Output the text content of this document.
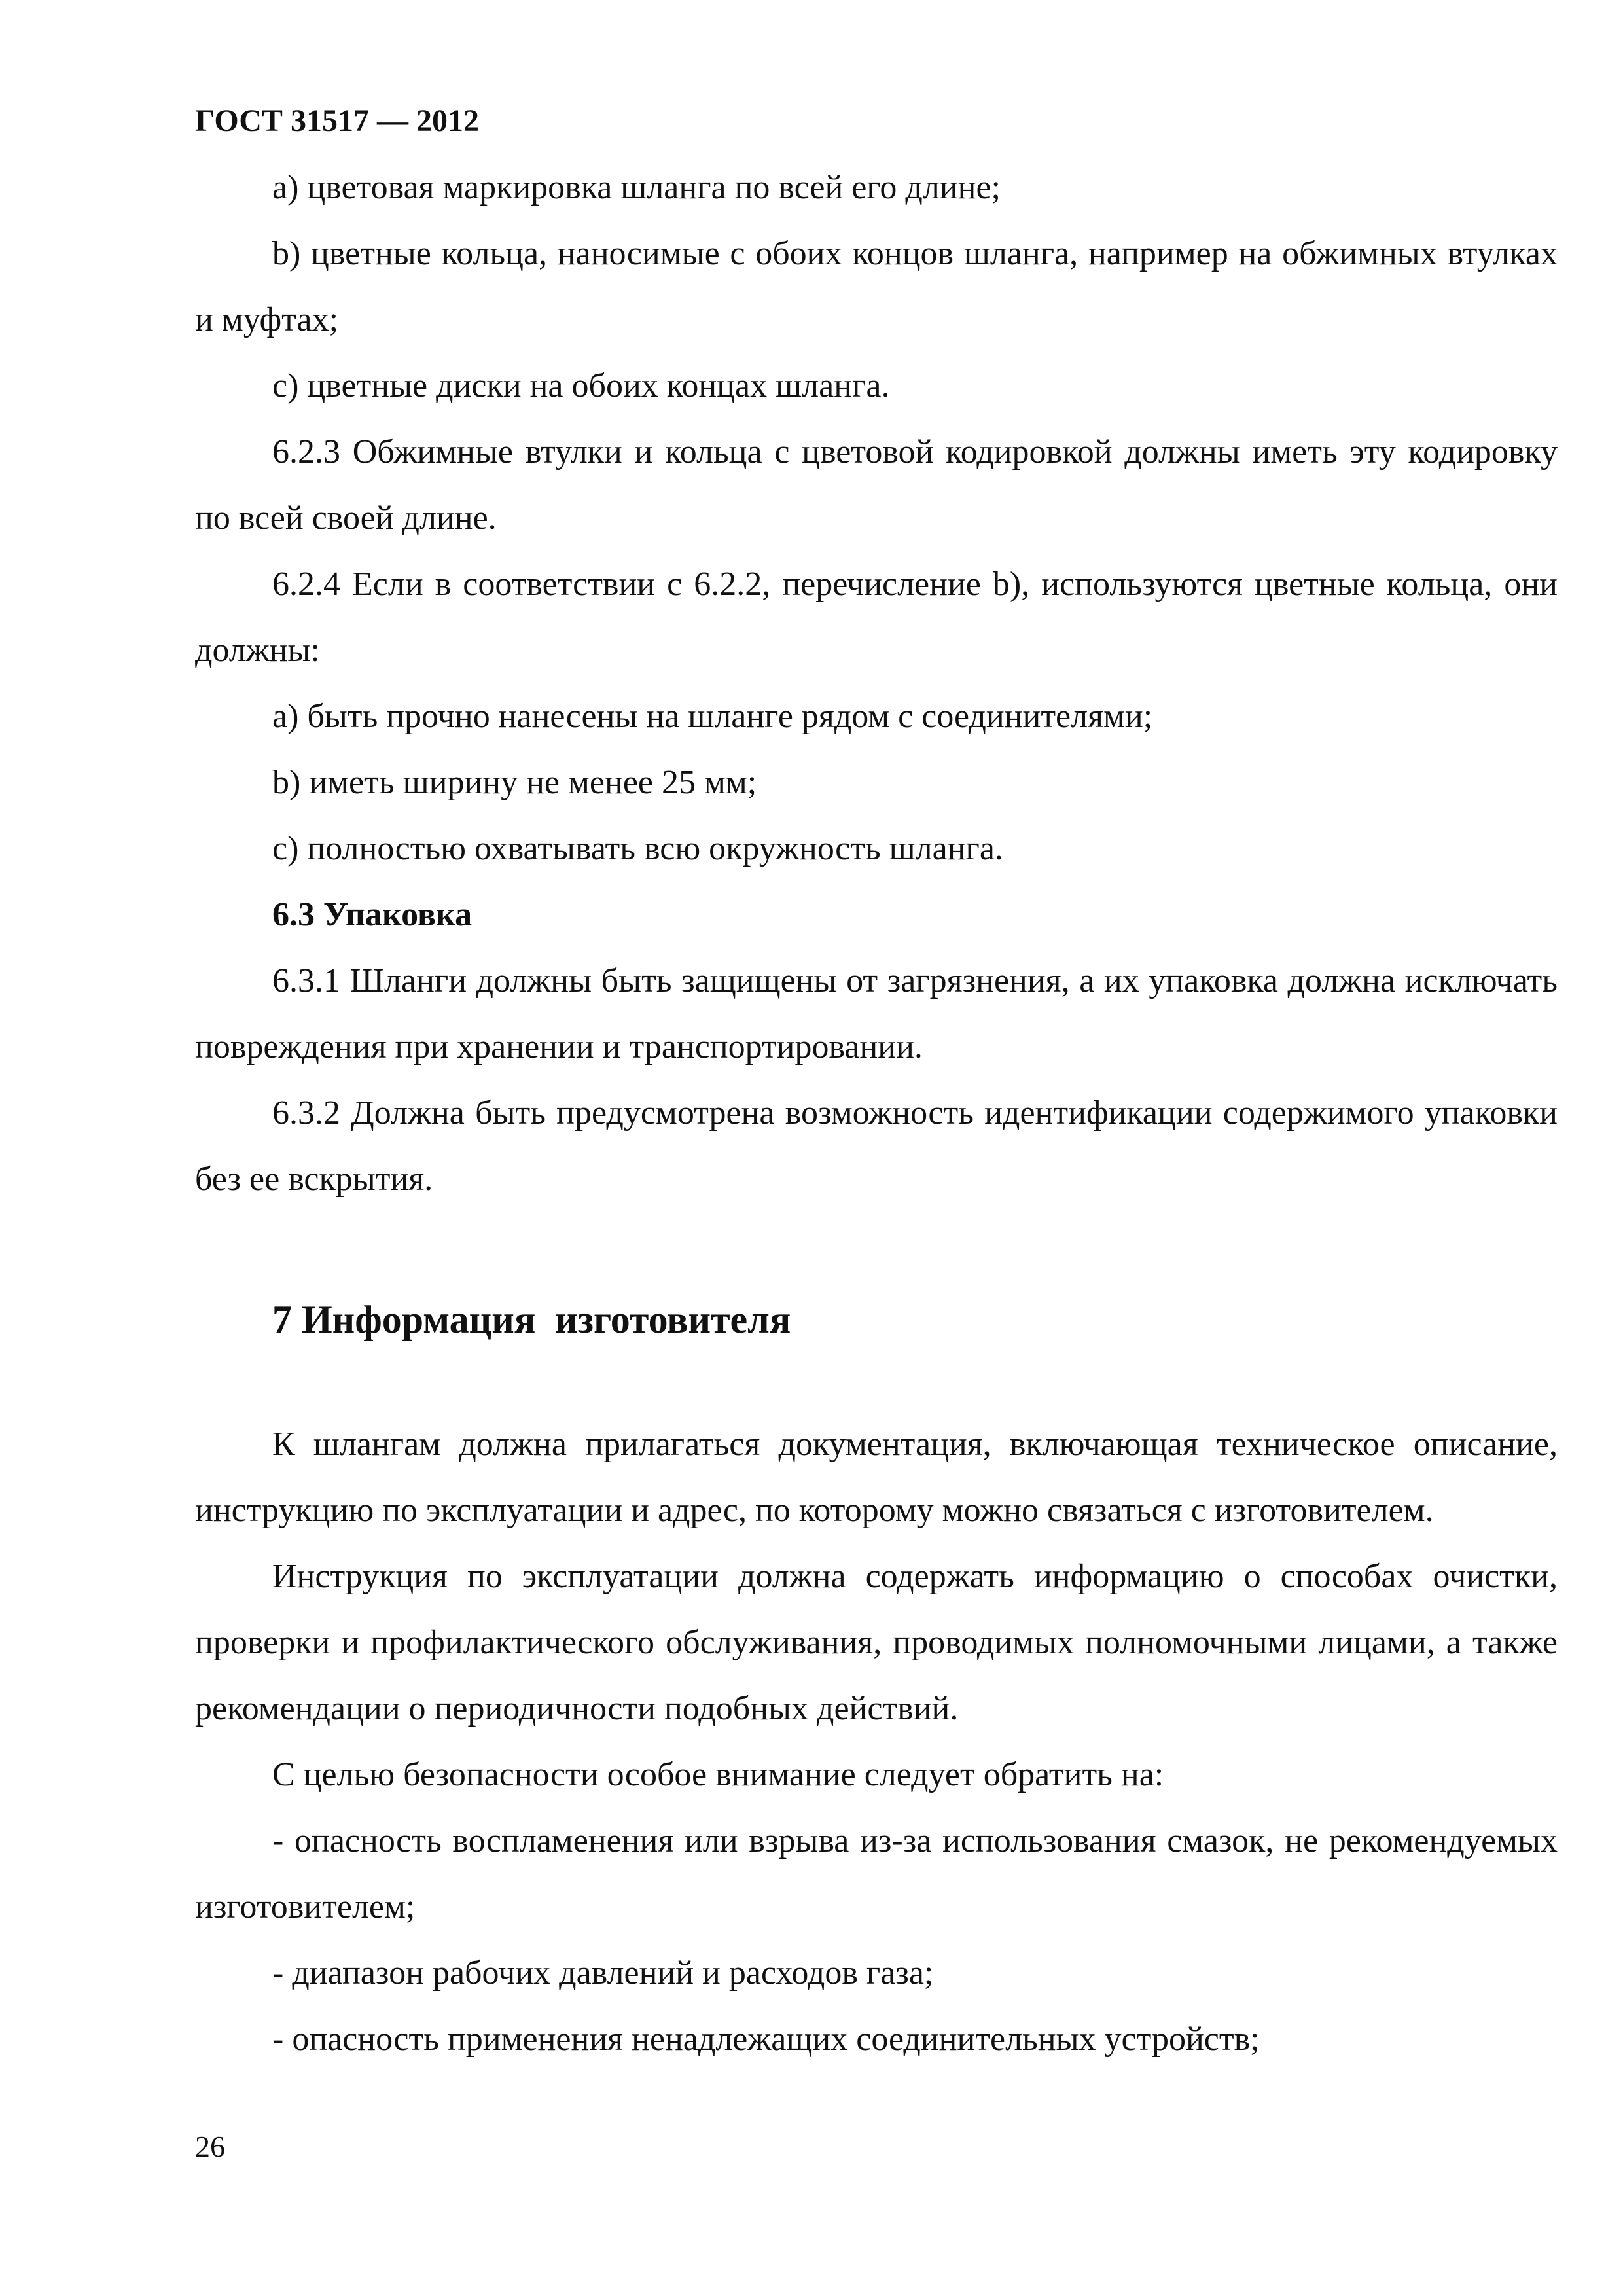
ГОСТ 31517 — 2012

а) цветовая маркировка шланга по всей его длине;

b) цветные кольца, наносимые с обоих концов шланга, например на обжимных втулках и муфтах;

с) цветные диски на обоих концах шланга.

6.2.3 Обжимные втулки и кольца с цветовой кодировкой должны иметь эту кодировку по всей своей длине.

6.2.4 Если в соответствии с 6.2.2, перечисление b), используются цветные кольца, они должны:

а) быть прочно нанесены на шланге рядом с соединителями;

b) иметь ширину не менее 25 мм;

с) полностью охватывать всю окружность шланга.

6.3 Упаковка

6.3.1 Шланги должны быть защищены от загрязнения, а их упаковка должна исключать повреждения при хранении и транспортировании.

6.3.2 Должна быть предусмотрена возможность идентификации содержимого упаковки без ее вскрытия.

7 Информация  изготовителя

К шлангам должна прилагаться документация, включающая техническое описание, инструкцию по эксплуатации и адрес, по которому можно связаться с изготовителем.

Инструкция по эксплуатации должна содержать информацию о способах очистки, проверки и профилактического обслуживания, проводимых полномочными лицами, а также рекомендации о периодичности подобных действий.

С целью безопасности особое внимание следует обратить на:

- опасность воспламенения или взрыва из-за использования смазок, не рекомендуемых изготовителем;

- диапазон рабочих давлений и расходов газа;

- опасность применения ненадлежащих соединительных устройств;

26
